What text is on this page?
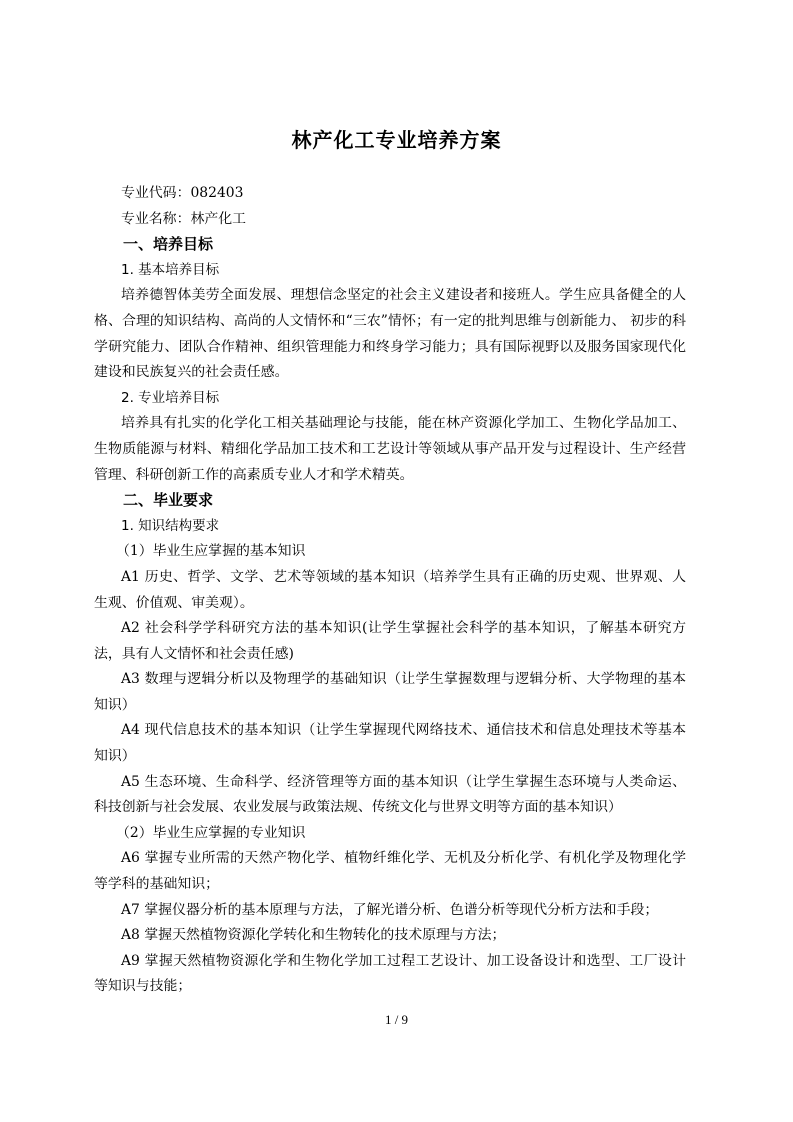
林产化工专业培养方案

专业代码：082403

专业名称：林产化工

一、培养目标

1. 基本培养目标

培养德智体美劳全面发展、理想信念坚定的社会主义建设者和接班人。学生应具备健全的人格、合理的知识结构、高尚的人文情怀和“三农”情怀；有一定的批判思维与创新能力、 初步的科学研究能力、团队合作精神、组织管理能力和终身学习能力；具有国际视野以及服务国家现代化建设和民族复兴的社会责任感。

2. 专业培养目标

培养具有扎实的化学化工相关基础理论与技能，能在林产资源化学加工、生物化学品加工、生物质能源与材料、精细化学品加工技术和工艺设计等领域从事产品开发与过程设计、生产经营管理、科研创新工作的高素质专业人才和学术精英。

二、毕业要求

1. 知识结构要求

（1）毕业生应掌握的基本知识

A1 历史、哲学、文学、艺术等领域的基本知识（培养学生具有正确的历史观、世界观、人生观、价值观、审美观）。

A2 社会科学学科研究方法的基本知识(让学生掌握社会科学的基本知识，了解基本研究方法，具有人文情怀和社会责任感)

A3 数理与逻辑分析以及物理学的基础知识（让学生掌握数理与逻辑分析、大学物理的基本知识）

A4 现代信息技术的基本知识（让学生掌握现代网络技术、通信技术和信息处理技术等基本知识）

A5 生态环境、生命科学、经济管理等方面的基本知识（让学生掌握生态环境与人类命运、科技创新与社会发展、农业发展与政策法规、传统文化与世界文明等方面的基本知识）

（2）毕业生应掌握的专业知识

A6 掌握专业所需的天然产物化学、植物纤维化学、无机及分析化学、有机化学及物理化学等学科的基础知识；

A7 掌握仪器分析的基本原理与方法，了解光谱分析、色谱分析等现代分析方法和手段；

A8 掌握天然植物资源化学转化和生物转化的技术原理与方法；

A9 掌握天然植物资源化学和生物化学加工过程工艺设计、加工设备设计和选型、工厂设计等知识与技能；

1 / 9
